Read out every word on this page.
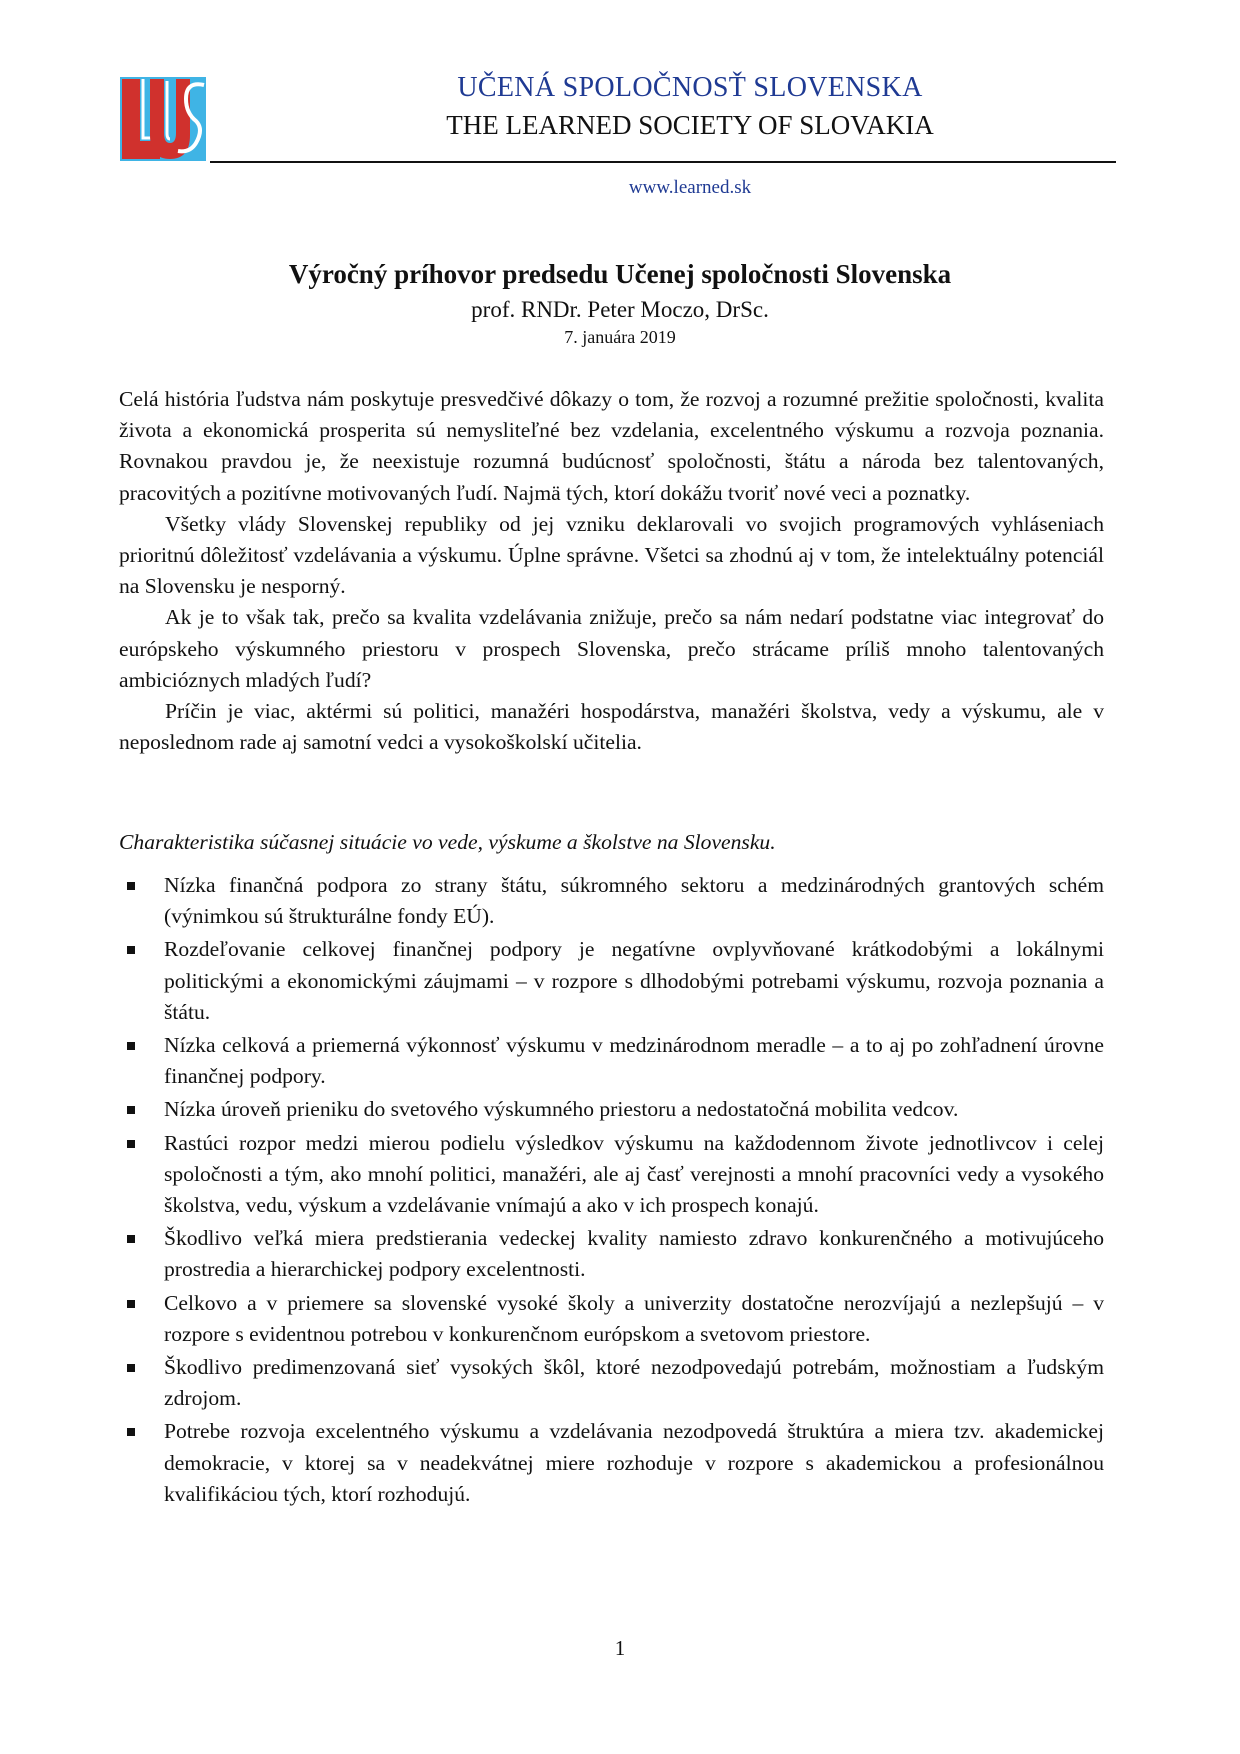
UČENÁ SPOLOČNOSŤ SLOVENSKA
THE LEARNED SOCIETY OF SLOVAKIA
www.learned.sk
Výročný príhovor predsedu Učenej spoločnosti Slovenska
prof. RNDr. Peter Moczo, DrSc.
7. januára 2019

Celá história ľudstva nám poskytuje presvedčivé dôkazy o tom, že rozvoj a rozumné prežitie spoločnosti, kvalita života a ekonomická prosperita sú nemysliteľné bez vzdelania, excelentného výskumu a rozvoja poznania. Rovnakou pravdou je, že neexistuje rozumná budúcnosť spoločnosti, štátu a národa bez talentovaných, pracovitých a pozitívne motivovaných ľudí. Najmä tých, ktorí dokážu tvoriť nové veci a poznatky.

Všetky vlády Slovenskej republiky od jej vzniku deklarovali vo svojich programových vyhláseniach prioritnú dôležitosť vzdelávania a výskumu. Úplne správne. Všetci sa zhodnú aj v tom, že intelektuálny potenciál na Slovensku je nesporný.

Ak je to však tak, prečo sa kvalita vzdelávania znižuje, prečo sa nám nedarí podstatne viac integrovať do európskeho výskumného priestoru v prospech Slovenska, prečo strácame príliš mnoho talentovaných ambicióznych mladých ľudí?

Príčin je viac, aktérmi sú politici, manažéri hospodárstva, manažéri školstva, vedy a výskumu, ale v neposlednom rade aj samotní vedci a vysokoškolskí učitelia.

Charakteristika súčasnej situácie vo vede, výskume a školstve na Slovensku.
Nízka finančná podpora zo strany štátu, súkromného sektoru a medzinárodných grantových schém (výnimkou sú štrukturálne fondy EÚ).
Rozdeľovanie celkovej finančnej podpory je negatívne ovplyvňované krátkodobými a lokálnymi politickými a ekonomickými záujmami – v rozpore s dlhodobými potrebami výskumu, rozvoja poznania a štátu.
Nízka celková a priemerná výkonnosť výskumu v medzinárodnom meradle – a to aj po zohľadnení úrovne finančnej podpory.
Nízka úroveň prieniku do svetového výskumného priestoru a nedostatočná mobilita vedcov.
Rastúci rozpor medzi mierou podielu výsledkov výskumu na každodennom živote jednotlivcov i celej spoločnosti a tým, ako mnohí politici, manažéri, ale aj časť verejnosti a mnohí pracovníci vedy a vysokého školstva, vedu, výskum a vzdelávanie vnímajú a ako v ich prospech konajú.
Škodlivo veľká miera predstierania vedeckej kvality namiesto zdravo konkurenčného a motivujúceho prostredia a hierarchickej podpory excelentnosti.
Celkovo a v priemere sa slovenské vysoké školy a univerzity dostatočne nerozvíjajú a nezlepšujú – v rozpore s evidentnou potrebou v konkurenčnom európskom a svetovom priestore.
Škodlivo predimenzovaná sieť vysokých škôl, ktoré nezodpovedajú potrebám, možnostiam a ľudským zdrojom.
Potrebe rozvoja excelentného výskumu a vzdelávania nezodpovedá štruktúra a miera tzv. akademickej demokracie, v ktorej sa v neadekvátnej miere rozhoduje v rozpore s akademickou a profesionálnou kvalifikáciou tých, ktorí rozhodujú.
1
